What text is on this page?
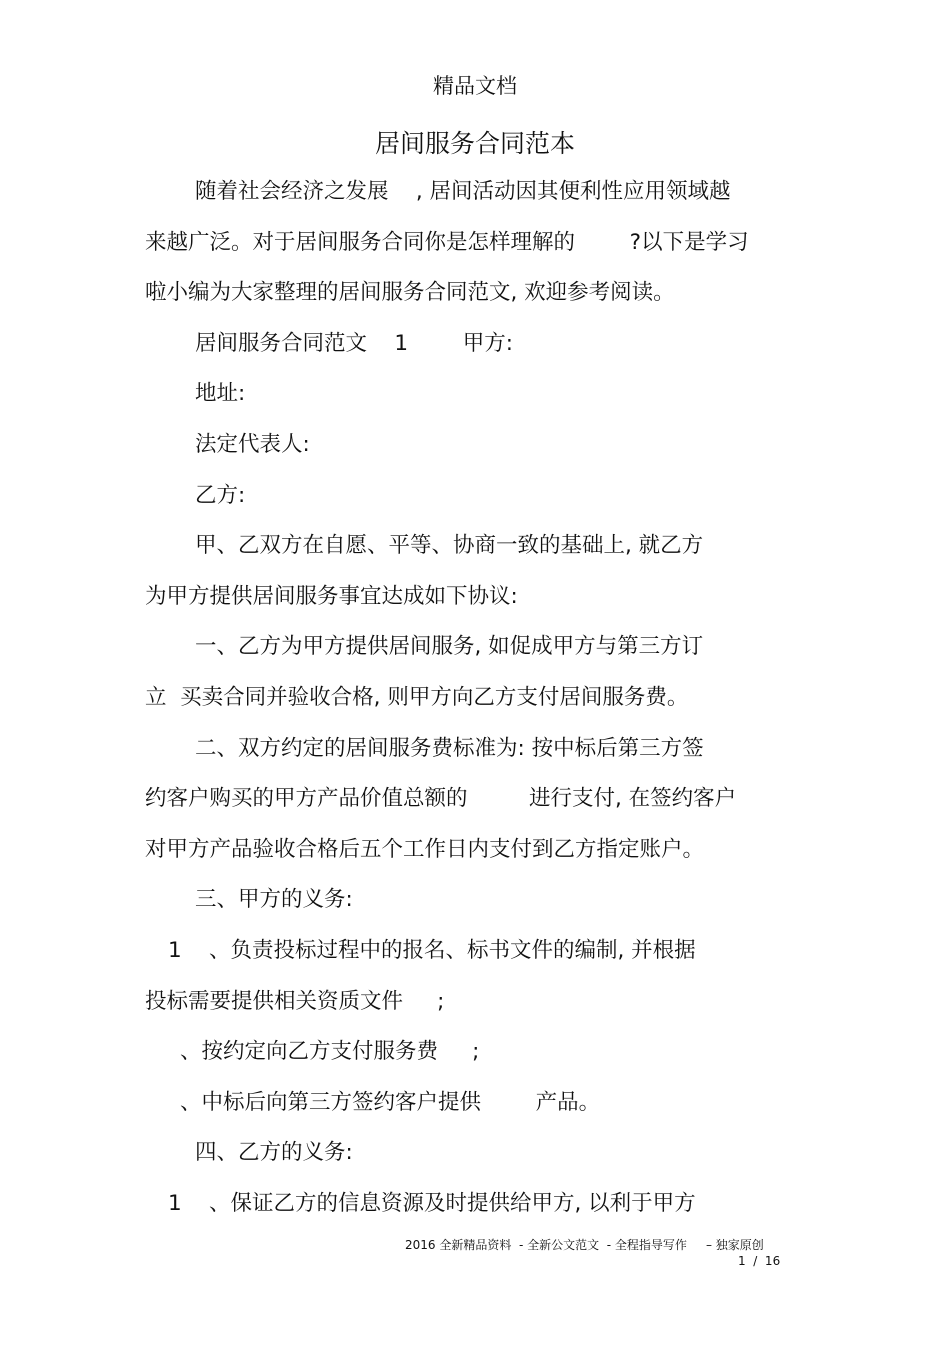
精品文档
居间服务合同范本
随着社会经济之发展    , 居间活动因其便利性应用领域越
来越广泛。对于居间服务合同你是怎样理解的        ?以下是学习
啦小编为大家整理的居间服务合同范文, 欢迎参考阅读。
居间服务合同范文    1        甲方:
地址:
法定代表人:
乙方:
甲、乙双方在自愿、平等、协商一致的基础上, 就乙方
为甲方提供居间服务事宜达成如下协议:
一、乙方为甲方提供居间服务, 如促成甲方与第三方订
立  买卖合同并验收合格, 则甲方向乙方支付居间服务费。
二、双方约定的居间服务费标准为: 按中标后第三方签
约客户购买的甲方产品价值总额的         进行支付, 在签约客户
对甲方产品验收合格后五个工作日内支付到乙方指定账户。
三、甲方的义务:
1    、负责投标过程中的报名、标书文件的编制, 并根据
投标需要提供相关资质文件     ;
、按约定向乙方支付服务费     ;
、中标后向第三方签约客户提供        产品。
四、乙方的义务:
1    、保证乙方的信息资源及时提供给甲方, 以利于甲方
2016 全新精品资料  - 全新公文范文  - 全程指导写作     – 独家原创
1  /  16
